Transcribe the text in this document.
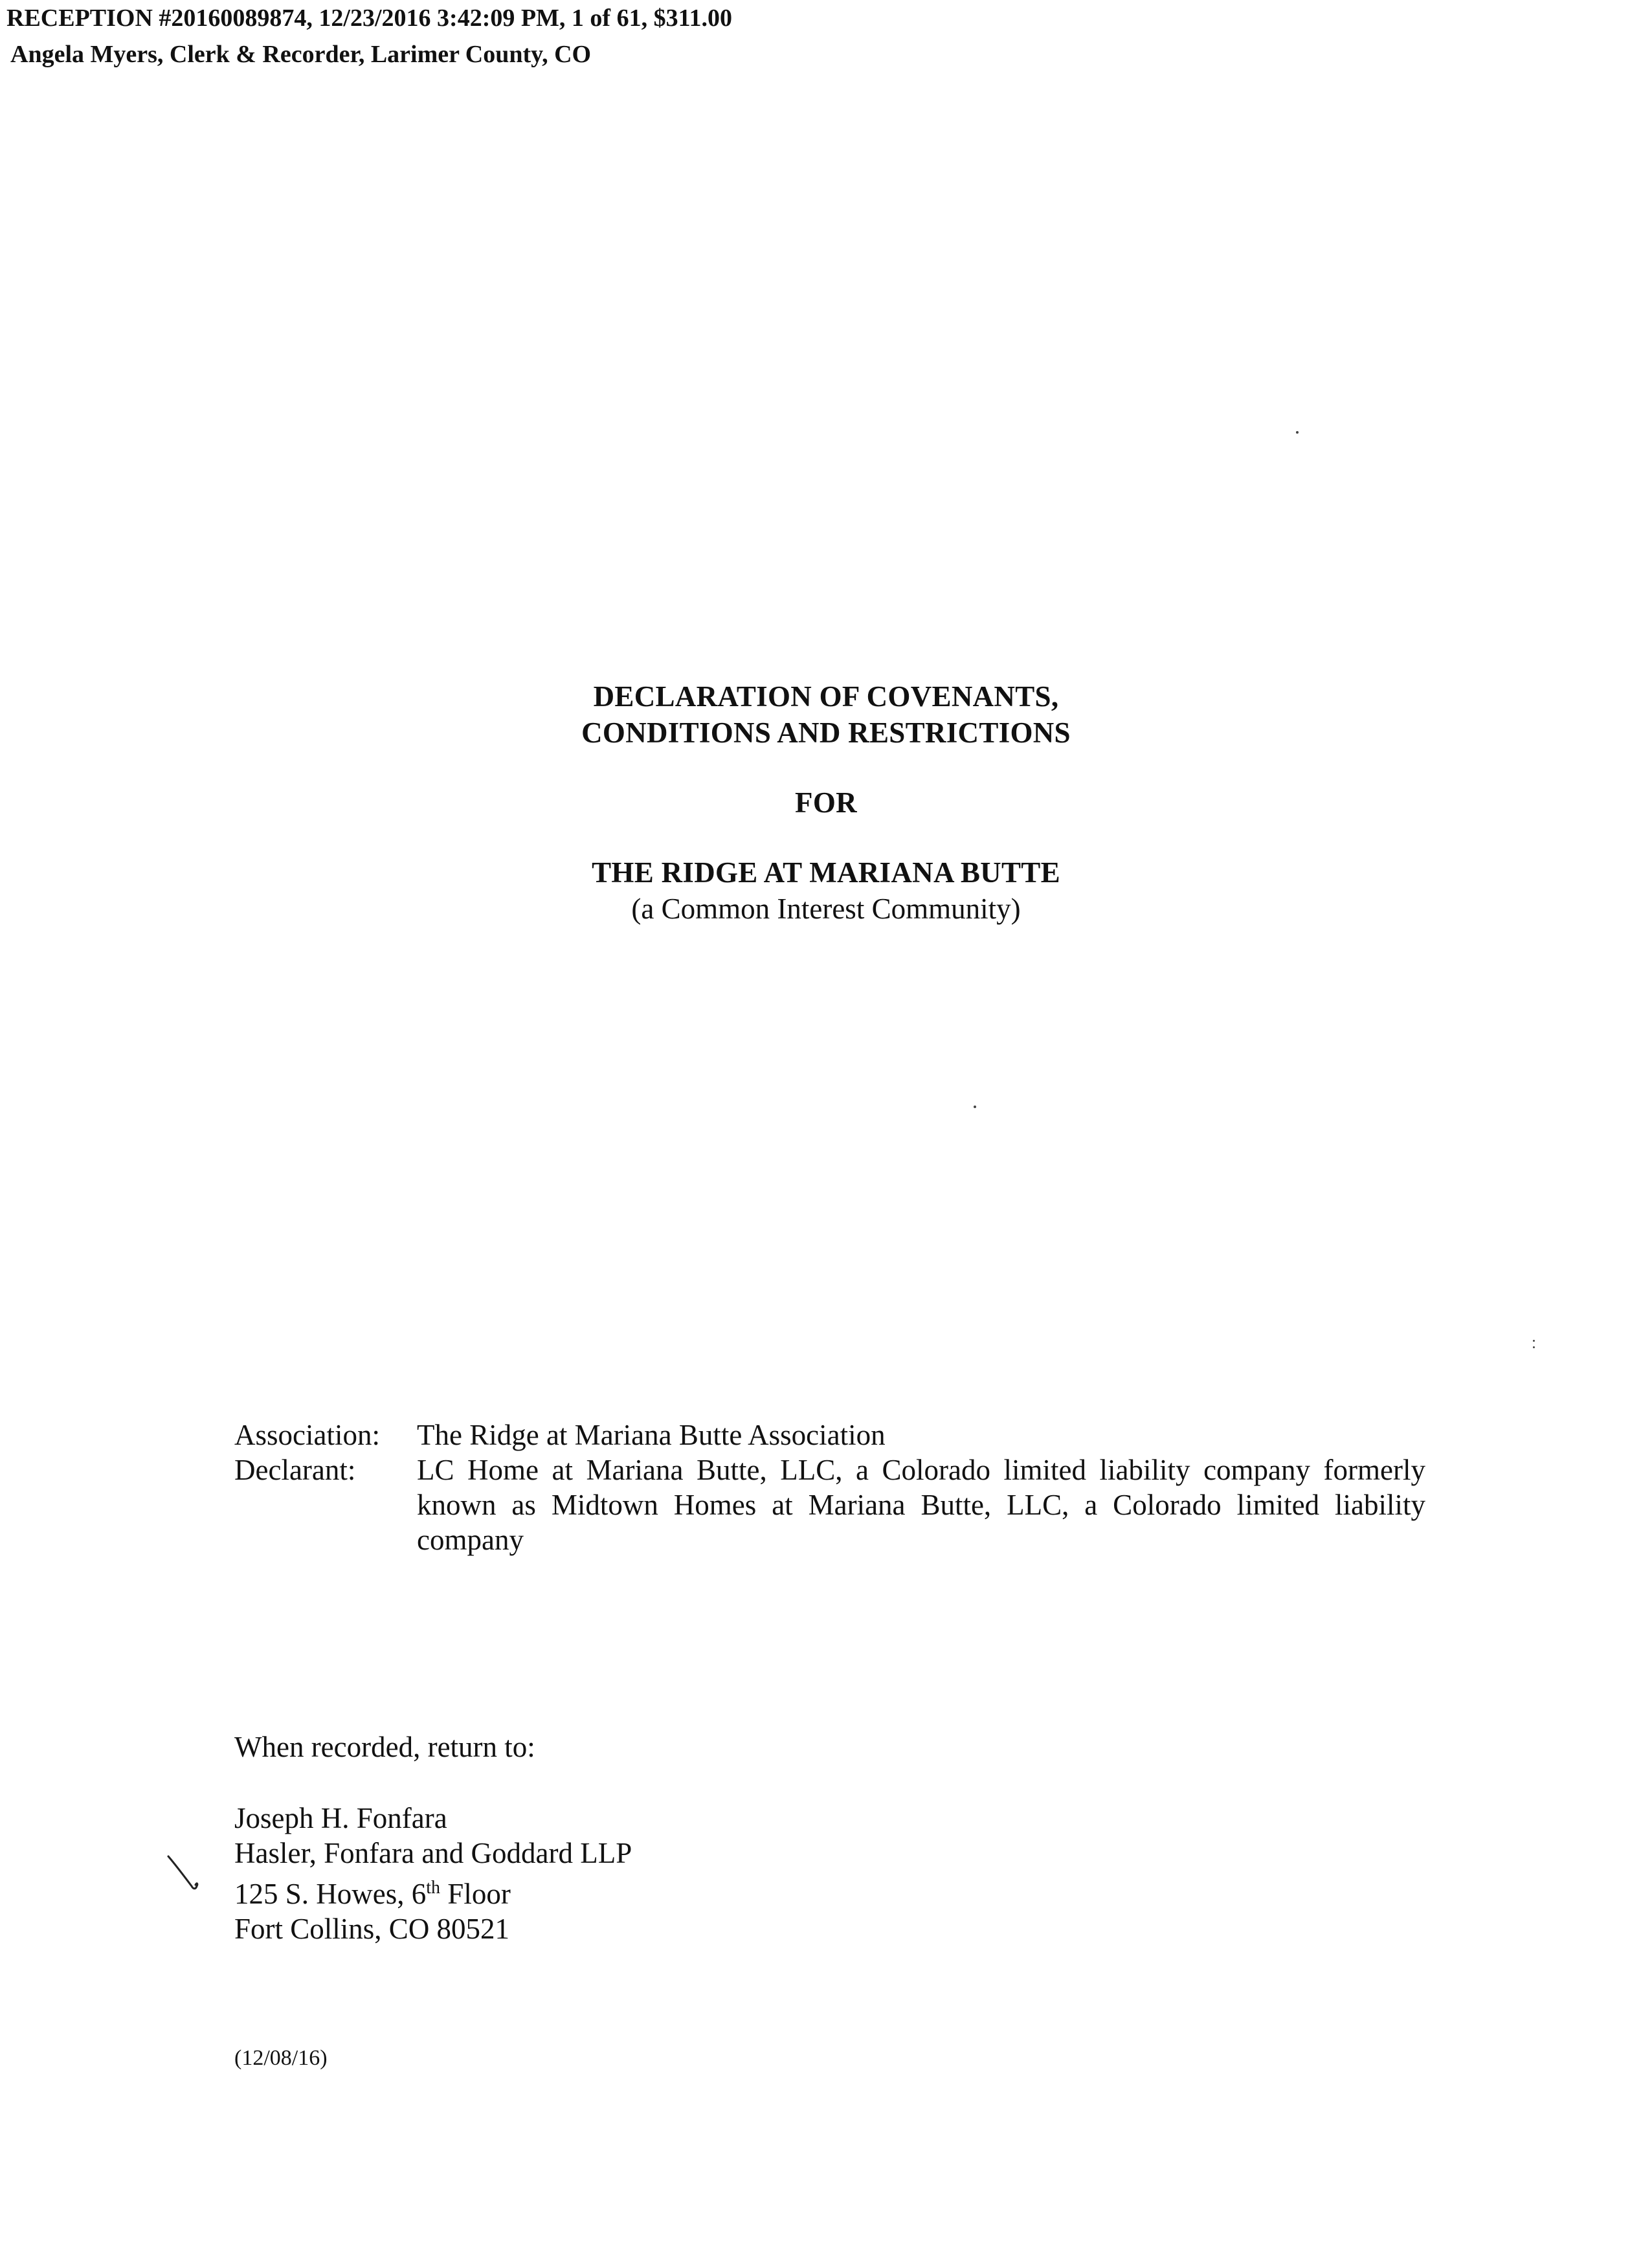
RECEPTION #20160089874, 12/23/2016 3:42:09 PM, 1 of 61, $311.00
Angela Myers, Clerk & Recorder, Larimer County, CO
DECLARATION OF COVENANTS,
CONDITIONS AND RESTRICTIONS
FOR
THE RIDGE AT MARIANA BUTTE
(a Common Interest Community)
Association:	The Ridge at Mariana Butte Association
Declarant:	LC Home at Mariana Butte, LLC, a Colorado limited liability company formerly known as Midtown Homes at Mariana Butte, LLC, a Colorado limited liability company
When recorded, return to:
Joseph H. Fonfara
Hasler, Fonfara and Goddard LLP
125 S. Howes, 6th Floor
Fort Collins, CO 80521
(12/08/16)
